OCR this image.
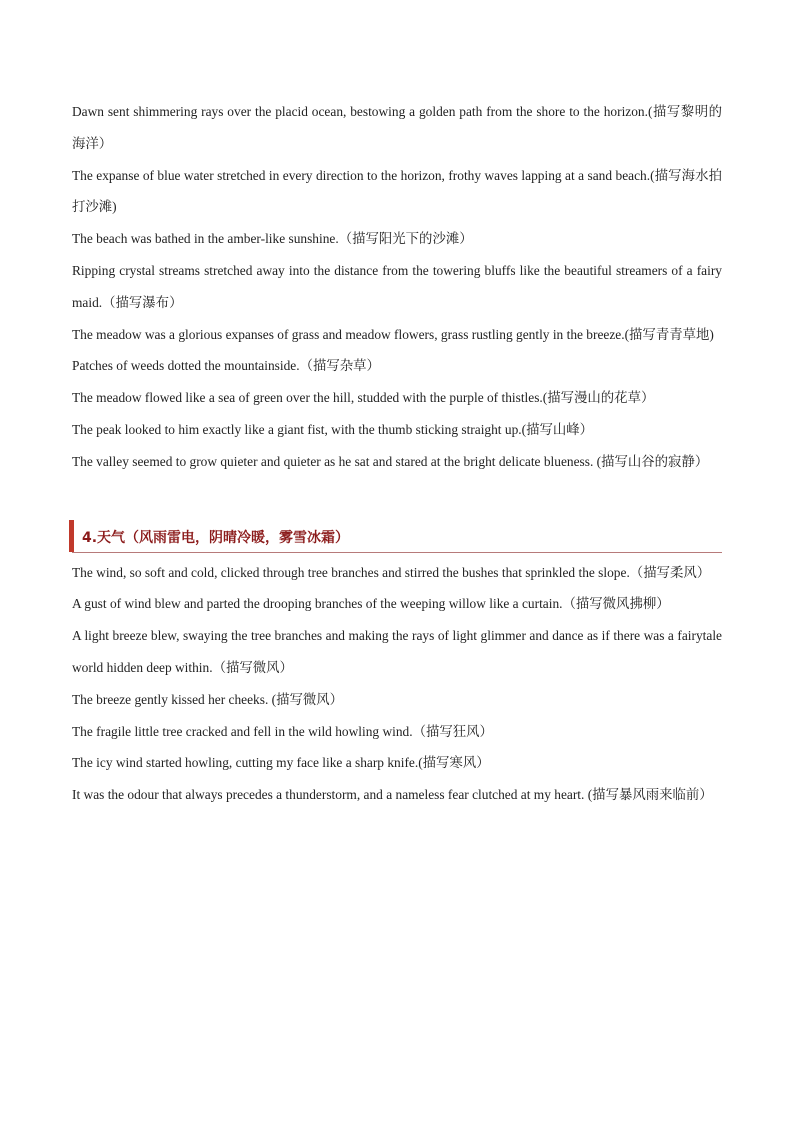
Dawn sent shimmering rays over the placid ocean, bestowing a golden path from the shore to the horizon.(描写黎明的海洋）

The expanse of blue water stretched in every direction to the horizon, frothy waves lapping at a sand beach.(描写海水拍打沙滩)

The beach was bathed in the amber-like sunshine.（描写阳光下的沙滩）

Ripping crystal streams stretched away into the distance from the towering bluffs like the beautiful streamers of a fairy maid.（描写瀑布）

The meadow was a glorious expanses of grass and meadow flowers, grass rustling gently in the breeze.(描写青青草地)

Patches of weeds dotted the mountainside.（描写杂草）

The meadow flowed like a sea of green over the hill, studded with the purple of thistles.(描写漫山的花草）

The peak looked to him exactly like a giant fist, with the thumb sticking straight up.(描写山峰）

The valley seemed to grow quieter and quieter as he sat and stared at the bright delicate blueness. (描写山谷的寂静）

4.天气（风雨雷电，阴晴冷暖，雾雪冰霜）

The wind, so soft and cold, clicked through tree branches and stirred the bushes that sprinkled the slope.（描写柔风）

A gust of wind blew and parted the drooping branches of the weeping willow like a curtain.（描写微风拂柳）

A light breeze blew, swaying the tree branches and making the rays of light glimmer and dance as if there was a fairytale world hidden deep within.（描写微风）

The breeze gently kissed her cheeks. (描写微风）

The fragile little tree cracked and fell in the wild howling wind.（描写狂风）

The icy wind started howling, cutting my face like a sharp knife.(描写寒风）

It was the odour that always precedes a thunderstorm, and a nameless fear clutched at my heart. (描写暴风雨来临前）
